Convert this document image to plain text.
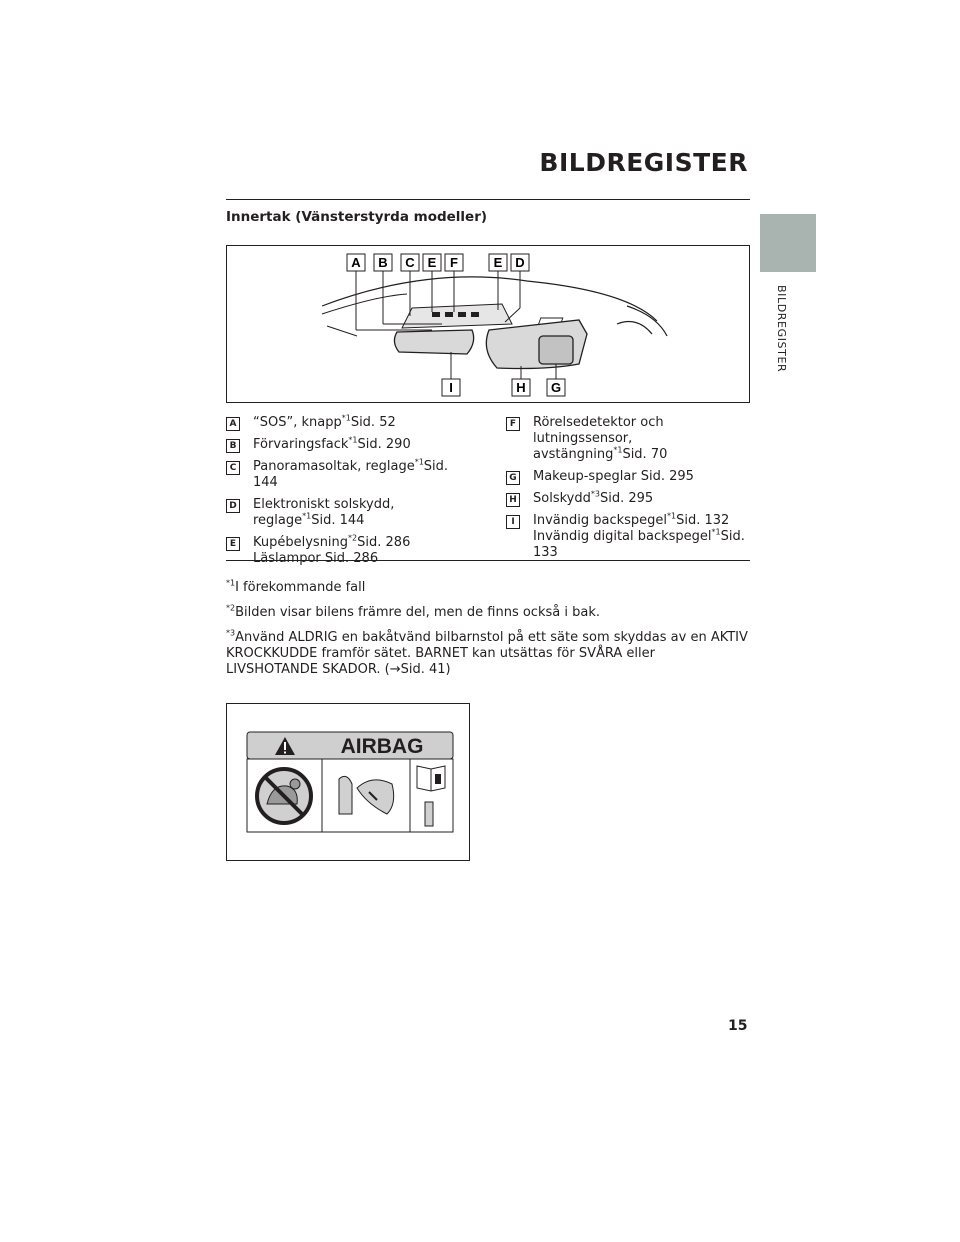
BILDREGISTER
BILDREGISTER
Innertak (Vänsterstyrda modeller)
A B C E F	E D
I	H G
A “SOS”, knapp$^{*1}$Sid. 52
B Förvaringsfack$^{*1}$Sid. 290
C Panoramasoltak, reglage$^{*1}$Sid. 144
D Elektroniskt solskydd,
reglage$^{*1}$Sid. 144
E	Kupébelysning$^{*2}$Sid. 286
Läslampor Sid. 286
F	Rörelsedetektor och lutningssensor,
avstängning$^{*1}$Sid. 70
G Makeup-speglar Sid. 295
H Solskydd$^{*3}$Sid. 295
I	Invändig backspegel$^{*1}$Sid. 132
Invändig digital backspegel$^{*1}$Sid. 133

$^{*1}$I förekommande fall

$^{*2}$Bilden visar bilens främre del, men de finns också i bak.

$^{*3}$Använd ALDRIG en bakåtvänd bilbarnstol på ett säte som skyddas av en AKTIV KROCKKUDDE framför sätet. BARNET kan utsättas för SVÅRA eller LIVSHOTANDE SKADOR. (→Sid. 41)

AIRBAG
15
